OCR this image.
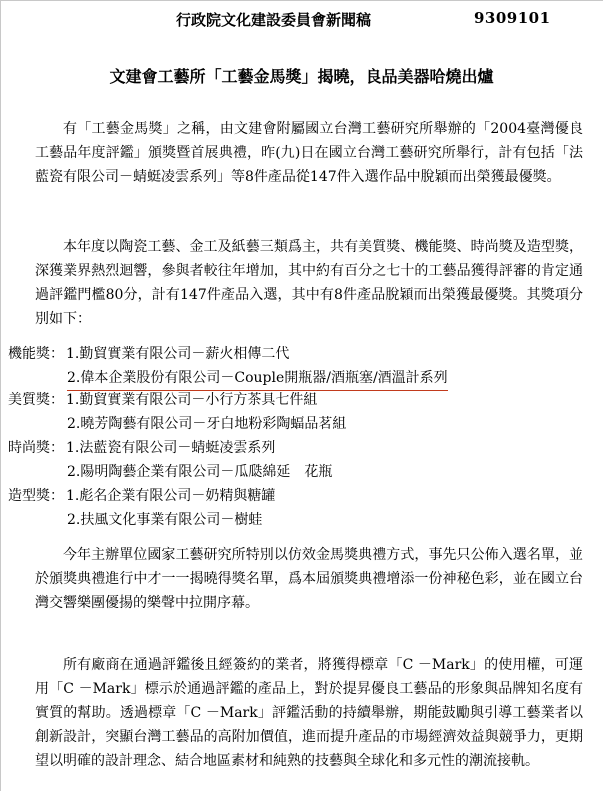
行政院文化建設委員會新聞稿	9309101
文建會工藝所「工藝金馬獎」揭曉，良品美器哈燒出爐

有「工藝金馬獎」之稱，由文建會附屬國立台灣工藝研究所舉辦的「2004臺灣優良工藝品年度評鑑」頒獎暨首展典禮，昨(九)日在國立台灣工藝研究所舉行，計有包括「法藍瓷有限公司－蜻蜓凌雲系列」等8件產品從147件入選作品中脫穎而出榮獲最優獎。

本年度以陶瓷工藝、金工及紙藝三類爲主，共有美質獎、機能獎、時尚獎及造型獎，深獲業界熱烈迴響，參與者較往年增加，其中約有百分之七十的工藝品獲得評審的肯定通過評鑑門檻80分，計有147件產品入選，其中有8件產品脫穎而出榮獲最優獎。其獎項分別如下：

機能獎： 1.勤貿實業有限公司－薪火相傳二代
2.偉本企業股份有限公司－Couple開瓶器/酒瓶塞/酒溫計系列
美質獎： 1.勤貿實業有限公司－小行方茶具七件組
2.曉芳陶藝有限公司－牙白地粉彩陶蝠品茗組
時尚獎： 1.法藍瓷有限公司－蜻蜓凌雲系列
2.陽明陶藝企業有限公司－瓜瓞綿延　花瓶
造型獎： 1.彪名企業有限公司－奶精與糖罐
2.扶風文化事業有限公司－樹蛙

今年主辦單位國家工藝研究所特別以仿效金馬獎典禮方式，事先只公佈入選名單，並於頒獎典禮進行中才一一揭曉得獎名單，爲本屆頒獎典禮增添一份神秘色彩，並在國立台灣交響樂團優揚的樂聲中拉開序幕。

所有廠商在通過評鑑後且經簽約的業者，將獲得標章「C －Mark」的使用權，可運用「C －Mark」標示於通過評鑑的產品上，對於提昇優良工藝品的形象與品牌知名度有實質的幫助。透過標章「C －Mark」評鑑活動的持續舉辦，期能鼓勵與引導工藝業者以創新設計，突顯台灣工藝品的高附加價值，進而提升產品的市場經濟效益與競爭力，更期望以明確的設計理念、結合地區素材和純熟的技藝與全球化和多元性的潮流接軌。
